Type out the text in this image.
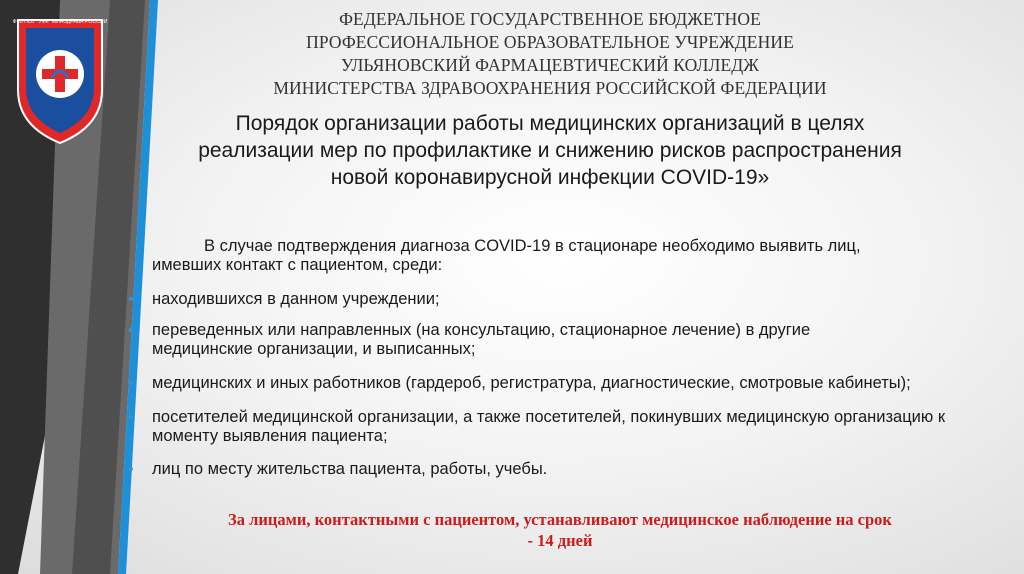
ФГБ ПОУ "УФК" МИНЗДРАВА РОССИИ	ФЕДЕРАЛЬНОЕ ГОСУДАРСТВЕННОЕ БЮДЖЕТНОЕ
ПРОФЕССИОНАЛЬНОЕ ОБРАЗОВАТЕЛЬНОЕ УЧРЕЖДЕНИЕ
УЛЬЯНОВСКИЙ ФАРМАЦЕВТИЧЕСКИЙ КОЛЛЕДЖ
МИНИСТЕРСТВА ЗДРАВООХРАНЕНИЯ РОССИЙСКОЙ ФЕДЕРАЦИИ
Порядок организации работы медицинских организаций в целях
реализации мер по профилактике и снижению рисков распространения
новой коронавирусной инфекции COVID-19»
В случае подтверждения диагноза COVID-19 в стационаре необходимо выявить лиц,
имевших контакт с пациентом, среди:
• находившихся в данном учреждении;
• переведенных или направленных (на консультацию, стационарное лечение) в другие медицинские организации, и выписанных;
• медицинских и иных работников (гардероб, регистратура, диагностические, смотровые кабинеты);
• посетителей медицинской организации, а также посетителей, покинувших медицинскую организацию к моменту выявления пациента;
• лиц по месту жительства пациента, работы, учебы.
За лицами, контактными с пациентом, устанавливают медицинское наблюдение на срок
- 14 дней
